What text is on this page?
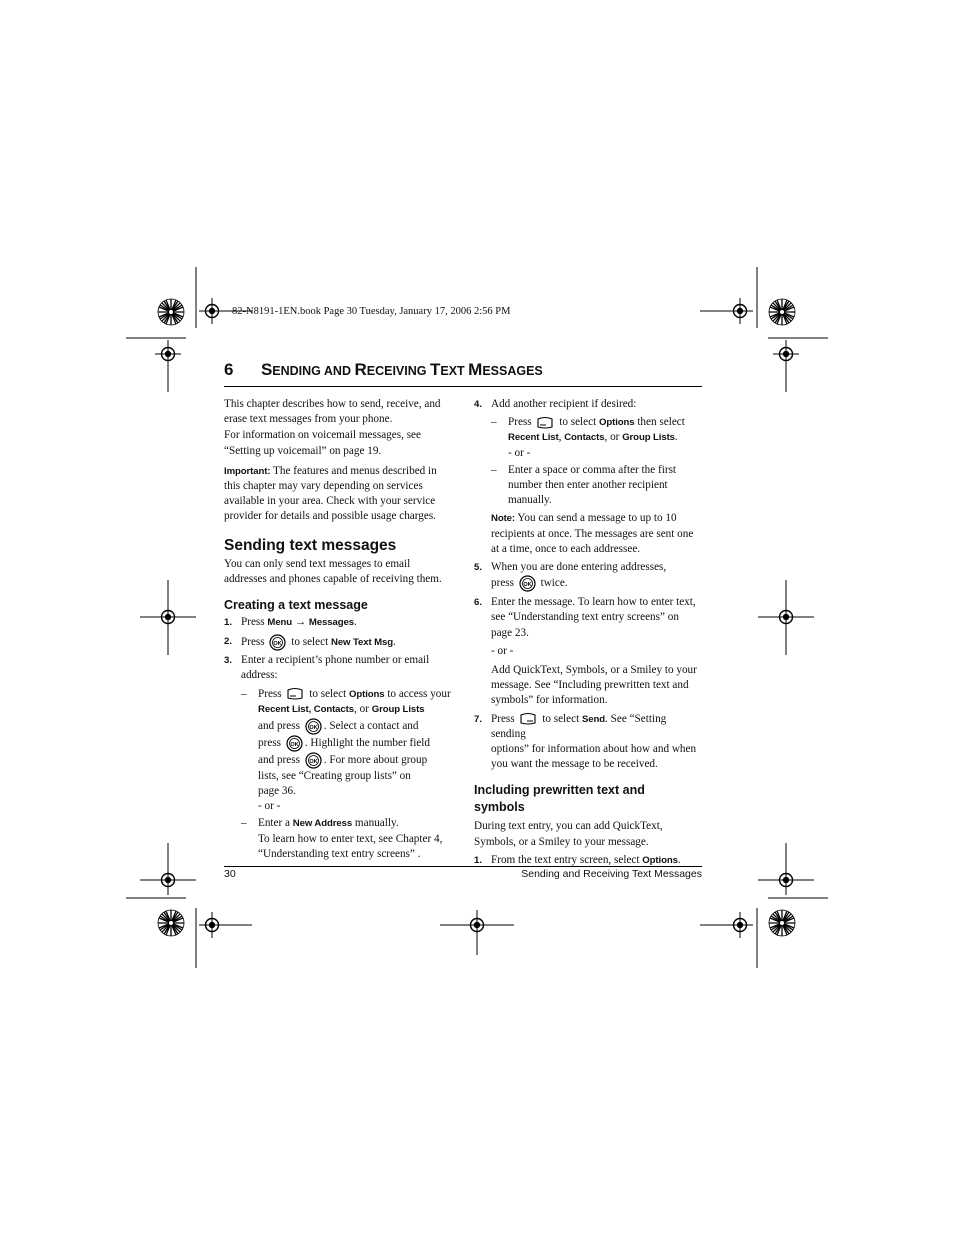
82-N8191-1EN.book Page 30 Tuesday, January 17, 2006 2:56 PM
6 SENDING AND RECEIVING TEXT MESSAGES

This chapter describes how to send, receive, and erase text messages from your phone.

For information on voicemail messages, see “Setting up voicemail” on page 19.

Important: The features and menus described in this chapter may vary depending on services available in your area. Check with your service provider for details and possible usage charges.

Sending text messages

You can only send text messages to email addresses and phones capable of receiving them.

Creating a text message
1. Press Menu → Messages.
2. Press OK to select New Text Msg.
3. Enter a recipient’s phone number or email address:
– Press to select Options to access your
Recent List, Contacts, or Group Lists
and press OK . Select a contact and
press OK . Highlight the number field
and press OK . For more about group
lists, see “Creating group lists” on
page 36.
- or -
– Enter a New Address manually.
To learn how to enter text, see Chapter 4,
“Understanding text entry screens” .
4. Add another recipient if desired:
– Press to select Options then select
Recent List, Contacts, or Group Lists.
- or -
– Enter a space or comma after the first number then enter another recipient manually.

Note: You can send a message to up to 10 recipients at once. The messages are sent one at a time, once to each addressee.

5. When you are done entering addresses,
press OK twice.
6. Enter the message. To learn how to enter text, see “Understanding text entry screens” on page 23.
- or -
Add QuickText, Symbols, or a Smiley to your message. See “Including prewritten text and symbols” for information.
7. Press to select Send. See “Setting sending
options” for information about how and when you want the message to be received.
Including prewritten text and symbols

During text entry, you can add QuickText, Symbols, or a Smiley to your message.

1. From the text entry screen, select Options.
30	Sending and Receiving Text Messages
